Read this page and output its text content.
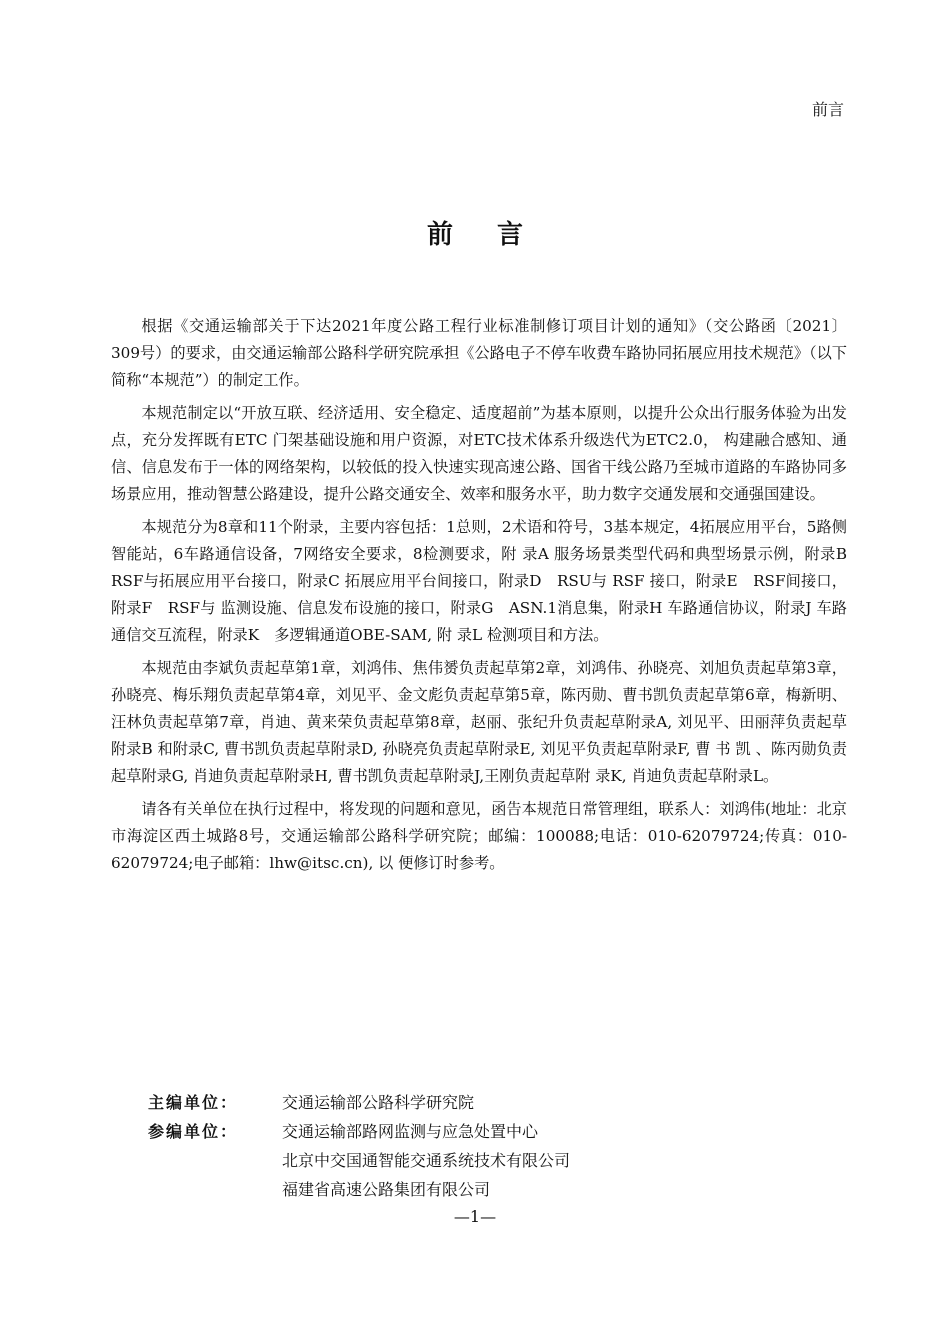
前言
前言

根据《交通运输部关于下达2021年度公路工程行业标准制修订项目计划的通知》（交公路函〔2021〕309号）的要求，由交通运输部公路科学研究院承担《公路电子不停车收费车路协同拓展应用技术规范》（以下简称“本规范”）的制定工作。

本规范制定以“开放互联、经济适用、安全稳定、适度超前”为基本原则，以提升公众出行服务体验为出发点，充分发挥既有ETC 门架基础设施和用户资源，对ETC技术体系升级迭代为ETC2.0， 构建融合感知、通信、信息发布于一体的网络架构，以较低的投入快速实现高速公路、国省干线公路乃至城市道路的车路协同多场景应用，推动智慧公路建设，提升公路交通安全、效率和服务水平，助力数字交通发展和交通强国建设。

本规范分为8章和11个附录，主要内容包括：1总则，2术语和符号，3基本规定，4拓展应用平台，5路侧智能站，6车路通信设备，7网络安全要求，8检测要求，附 录A 服务场景类型代码和典型场景示例，附录B　RSF与拓展应用平台接口，附录C 拓展应用平台间接口，附录D　RSU与 RSF 接口，附录E　RSF间接口，附录F　RSF与 监测设施、信息发布设施的接口，附录G　ASN.1消息集，附录H 车路通信协议，附录J 车路通信交互流程，附录K　多逻辑通道OBE-SAM, 附 录L 检测项目和方法。

本规范由李斌负责起草第1章，刘鸿伟、焦伟赟负责起草第2章，刘鸿伟、孙晓亮、刘旭负责起草第3章，孙晓亮、梅乐翔负责起草第4章，刘见平、金文彪负责起草第5章，陈丙勋、曹书凯负责起草第6章，梅新明、汪林负责起草第7章，肖迪、黄来荣负责起草第8章，赵丽、张纪升负责起草附录A, 刘见平、田丽萍负责起草附录B 和附录C, 曹书凯负责起草附录D, 孙晓亮负责起草附录E, 刘见平负责起草附录F, 曹 书 凯 、陈丙勋负责起草附录G, 肖迪负责起草附录H, 曹书凯负责起草附录J,王刚负责起草附 录K, 肖迪负责起草附录L。

请各有关单位在执行过程中，将发现的问题和意见，函告本规范日常管理组，联系人：刘鸿伟(地址：北京市海淀区西土城路8号，交通运输部公路科学研究院；邮编：100088;电话：010-62079724;传真：010-62079724;电子邮箱：lhw@itsc.cn), 以 便修订时参考。

主编单位：	交通运输部公路科学研究院
参编单位：	交通运输部路网监测与应急处置中心
北京中交国通智能交通系统技术有限公司
福建省高速公路集团有限公司
—1—
